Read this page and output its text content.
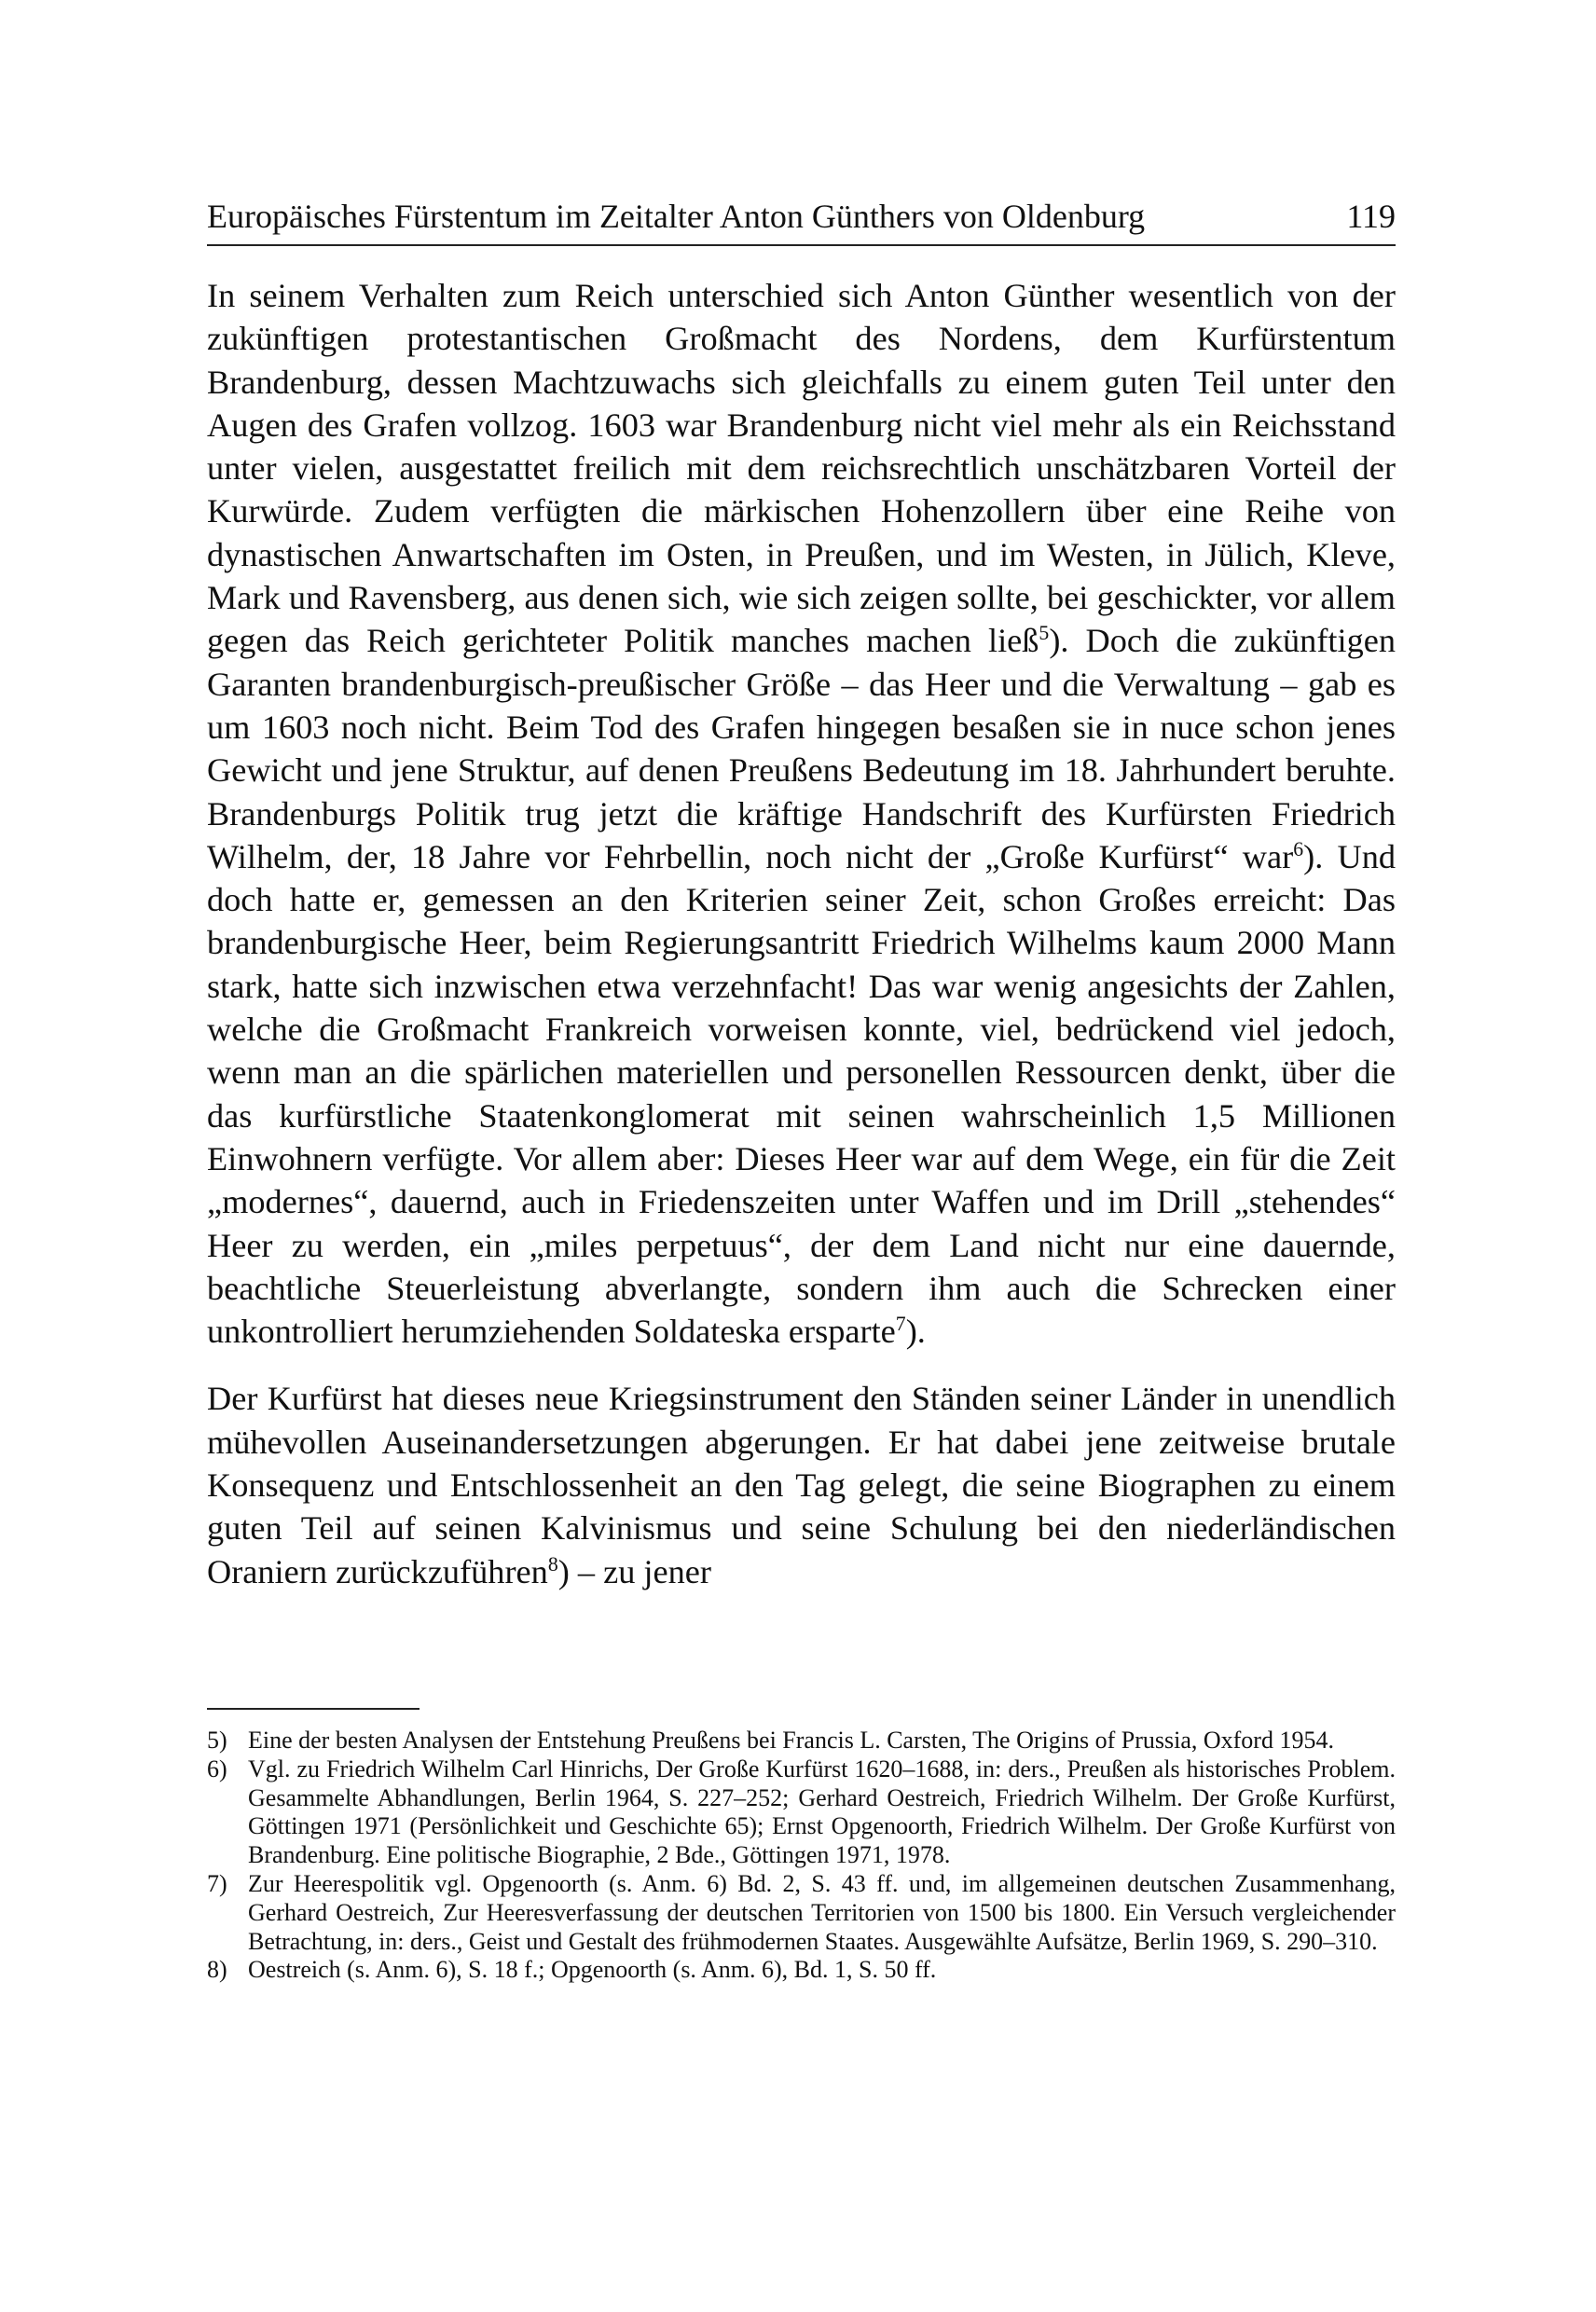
Europäisches Fürstentum im Zeitalter Anton Günthers von Oldenburg	119

In seinem Verhalten zum Reich unterschied sich Anton Günther wesentlich von der zukünftigen protestantischen Großmacht des Nordens, dem Kurfürstentum Brandenburg, dessen Machtzuwachs sich gleichfalls zu einem guten Teil unter den Augen des Grafen vollzog. 1603 war Brandenburg nicht viel mehr als ein Reichsstand unter vielen, ausgestattet freilich mit dem reichsrechtlich unschätzbaren Vorteil der Kurwürde. Zudem verfügten die märkischen Hohenzollern über eine Reihe von dynastischen Anwartschaften im Osten, in Preußen, und im Westen, in Jülich, Kleve, Mark und Ravensberg, aus denen sich, wie sich zeigen sollte, bei geschickter, vor allem gegen das Reich gerichteter Politik manches machen ließ$^5$). Doch die zukünftigen Garanten brandenburgisch-preußischer Größe – das Heer und die Verwaltung – gab es um 1603 noch nicht. Beim Tod des Grafen hingegen besaßen sie in nuce schon jenes Gewicht und jene Struktur, auf denen Preußens Bedeutung im 18. Jahrhundert beruhte. Brandenburgs Politik trug jetzt die kräftige Handschrift des Kurfürsten Friedrich Wilhelm, der, 18 Jahre vor Fehrbellin, noch nicht der „Große Kurfürst“ war$^6$). Und doch hatte er, gemessen an den Kriterien seiner Zeit, schon Großes erreicht: Das brandenburgische Heer, beim Regierungsantritt Friedrich Wilhelms kaum 2000 Mann stark, hatte sich inzwischen etwa verzehnfacht! Das war wenig angesichts der Zahlen, welche die Großmacht Frankreich vorweisen konnte, viel, bedrückend viel jedoch, wenn man an die spärlichen materiellen und personellen Ressourcen denkt, über die das kurfürstliche Staatenkonglomerat mit seinen wahrscheinlich 1,5 Millionen Einwohnern verfügte. Vor allem aber: Dieses Heer war auf dem Wege, ein für die Zeit „modernes“, dauernd, auch in Friedenszeiten unter Waffen und im Drill „stehendes“ Heer zu werden, ein „miles perpetuus“, der dem Land nicht nur eine dauernde, beachtliche Steuerleistung abverlangte, sondern ihm auch die Schrecken einer unkontrolliert herumziehenden Soldateska ersparte$^7$).

Der Kurfürst hat dieses neue Kriegsinstrument den Ständen seiner Länder in unendlich mühevollen Auseinandersetzungen abgerungen. Er hat dabei jene zeitweise brutale Konsequenz und Entschlossenheit an den Tag gelegt, die seine Biographen zu einem guten Teil auf seinen Kalvinismus und seine Schulung bei den niederländischen Oraniern zurückzuführen$^8$) – zu jener

5) Eine der besten Analysen der Entstehung Preußens bei Francis L. Carsten, The Origins of Prussia, Oxford 1954.
6) Vgl. zu Friedrich Wilhelm Carl Hinrichs, Der Große Kurfürst 1620–1688, in: ders., Preußen als historisches Problem. Gesammelte Abhandlungen, Berlin 1964, S. 227–252; Gerhard Oestreich, Friedrich Wilhelm. Der Große Kurfürst, Göttingen 1971 (Persönlichkeit und Geschichte 65); Ernst Opgenoorth, Friedrich Wilhelm. Der Große Kurfürst von Brandenburg. Eine politische Biographie, 2 Bde., Göttingen 1971, 1978.
7) Zur Heerespolitik vgl. Opgenoorth (s. Anm. 6) Bd. 2, S. 43 ff. und, im allgemeinen deutschen Zusammenhang, Gerhard Oestreich, Zur Heeresverfassung der deutschen Territorien von 1500 bis 1800. Ein Versuch vergleichender Betrachtung, in: ders., Geist und Gestalt des frühmodernen Staates. Ausgewählte Aufsätze, Berlin 1969, S. 290–310.
8) Oestreich (s. Anm. 6), S. 18 f.; Opgenoorth (s. Anm. 6), Bd. 1, S. 50 ff.
